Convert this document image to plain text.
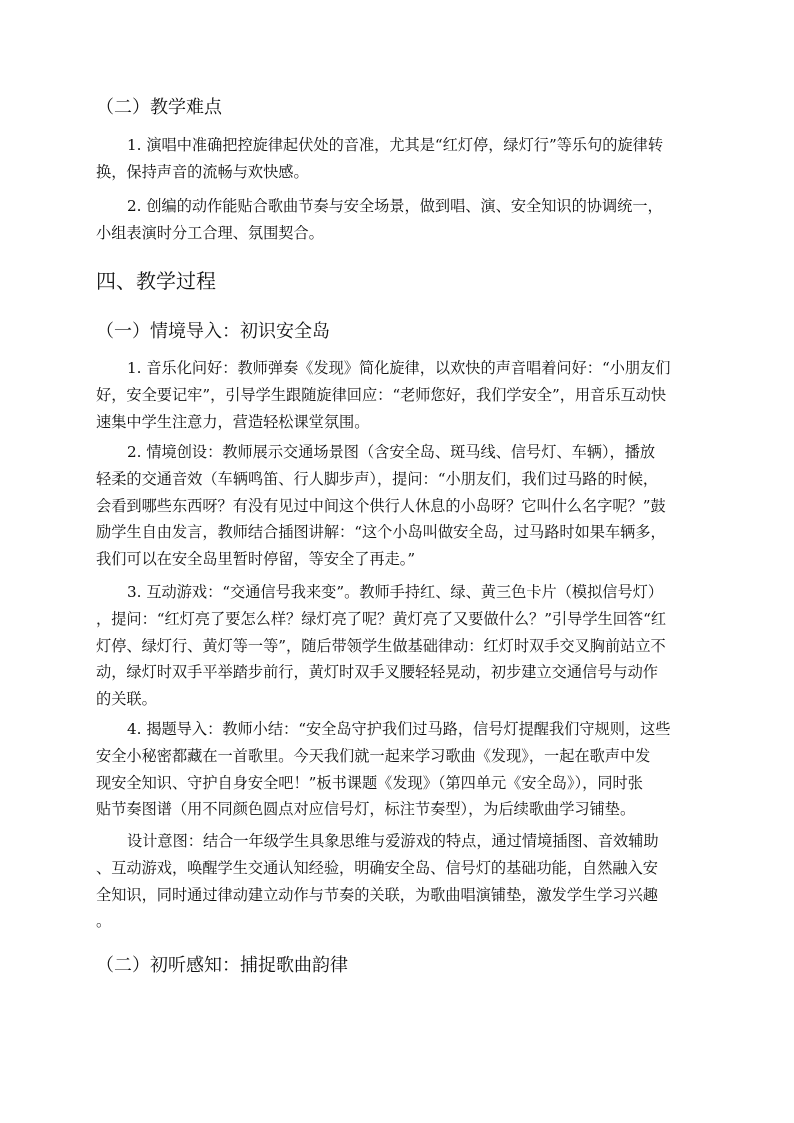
（二）教学难点
1. 演唱中准确把控旋律起伏处的音准，尤其是“红灯停，绿灯行”等乐句的旋律转
换，保持声音的流畅与欢快感。
2. 创编的动作能贴合歌曲节奏与安全场景，做到唱、演、安全知识的协调统一，
小组表演时分工合理、氛围契合。
四、教学过程
（一）情境导入：初识安全岛
1. 音乐化问好：教师弹奏《发现》简化旋律，以欢快的声音唱着问好：“小朋友们
好，安全要记牢”，引导学生跟随旋律回应：“老师您好，我们学安全”，用音乐互动快
速集中学生注意力，营造轻松课堂氛围。
2. 情境创设：教师展示交通场景图（含安全岛、斑马线、信号灯、车辆），播放
轻柔的交通音效（车辆鸣笛、行人脚步声），提问：“小朋友们，我们过马路的时候，
会看到哪些东西呀？有没有见过中间这个供行人休息的小岛呀？它叫什么名字呢？”鼓
励学生自由发言，教师结合插图讲解：“这个小岛叫做安全岛，过马路时如果车辆多，
我们可以在安全岛里暂时停留，等安全了再走。”
3. 互动游戏：“交通信号我来变”。教师手持红、绿、黄三色卡片（模拟信号灯）
，提问：“红灯亮了要怎么样？绿灯亮了呢？黄灯亮了又要做什么？”引导学生回答“红
灯停、绿灯行、黄灯等一等”，随后带领学生做基础律动：红灯时双手交叉胸前站立不
动，绿灯时双手平举踏步前行，黄灯时双手叉腰轻轻晃动，初步建立交通信号与动作
的关联。
4. 揭题导入：教师小结：“安全岛守护我们过马路，信号灯提醒我们守规则，这些
安全小秘密都藏在一首歌里。今天我们就一起来学习歌曲《发现》，一起在歌声中发
现安全知识、守护自身安全吧！”板书课题《发现》（第四单元《安全岛》），同时张
贴节奏图谱（用不同颜色圆点对应信号灯，标注节奏型），为后续歌曲学习铺垫。
设计意图：结合一年级学生具象思维与爱游戏的特点，通过情境插图、音效辅助
、互动游戏，唤醒学生交通认知经验，明确安全岛、信号灯的基础功能，自然融入安
全知识，同时通过律动建立动作与节奏的关联，为歌曲唱演铺垫，激发学生学习兴趣
。
（二）初听感知：捕捉歌曲韵律
